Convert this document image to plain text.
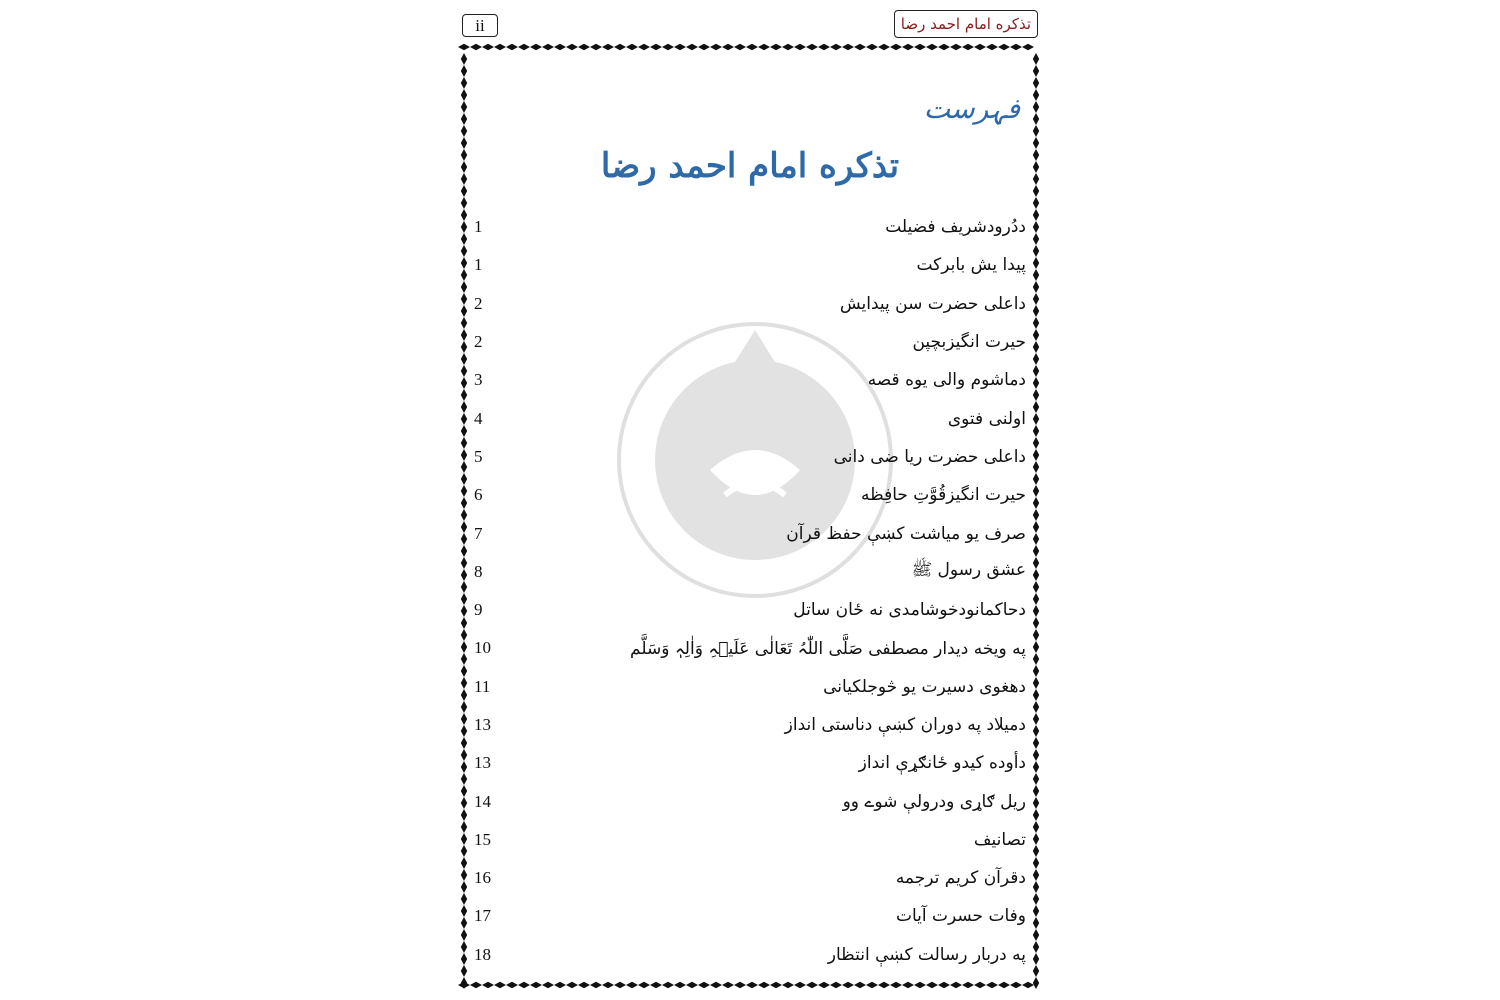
ii	تذکره امام احمد رضا
فہرست
تذکره امام احمد رضا
ددُرودشریف فضیلت
1
پیدا یش بابرکت
1
داعلی حضرت سن پیدایش
2
حیرت انگیزبچپن
2
دماشوم والی یوه قصه
3
اولنی فتوی
4
داعلی حضرت ریا ضی دانی
5
حیرت انگیزقُوَّتِ حافِظه
6
صرف یو میاشت کښې حفظ قرآن
7
عشق رسول ﷺ
8
دحاکمانودخوشامدی نه ځان ساتل
9
په ویخه دیدار مصطفی صَلَّی اللّٰہُ تَعَالٰی عَلَیۡہِ وَاٰلِہٖ وَسَلَّم
10
دهغوی دسیرت یو څوجلکیانی
11
دمیلاد په دوران کښې دناستی انداز
13
دأوده کیدو ځانګړې انداز
13
ریل ګاړی ودرولې شوے وو
14
تصانیف
15
دقرآن کریم ترجمه
16
وفات حسرت آیات
17
په دربار رسالت کښې انتظار
18
